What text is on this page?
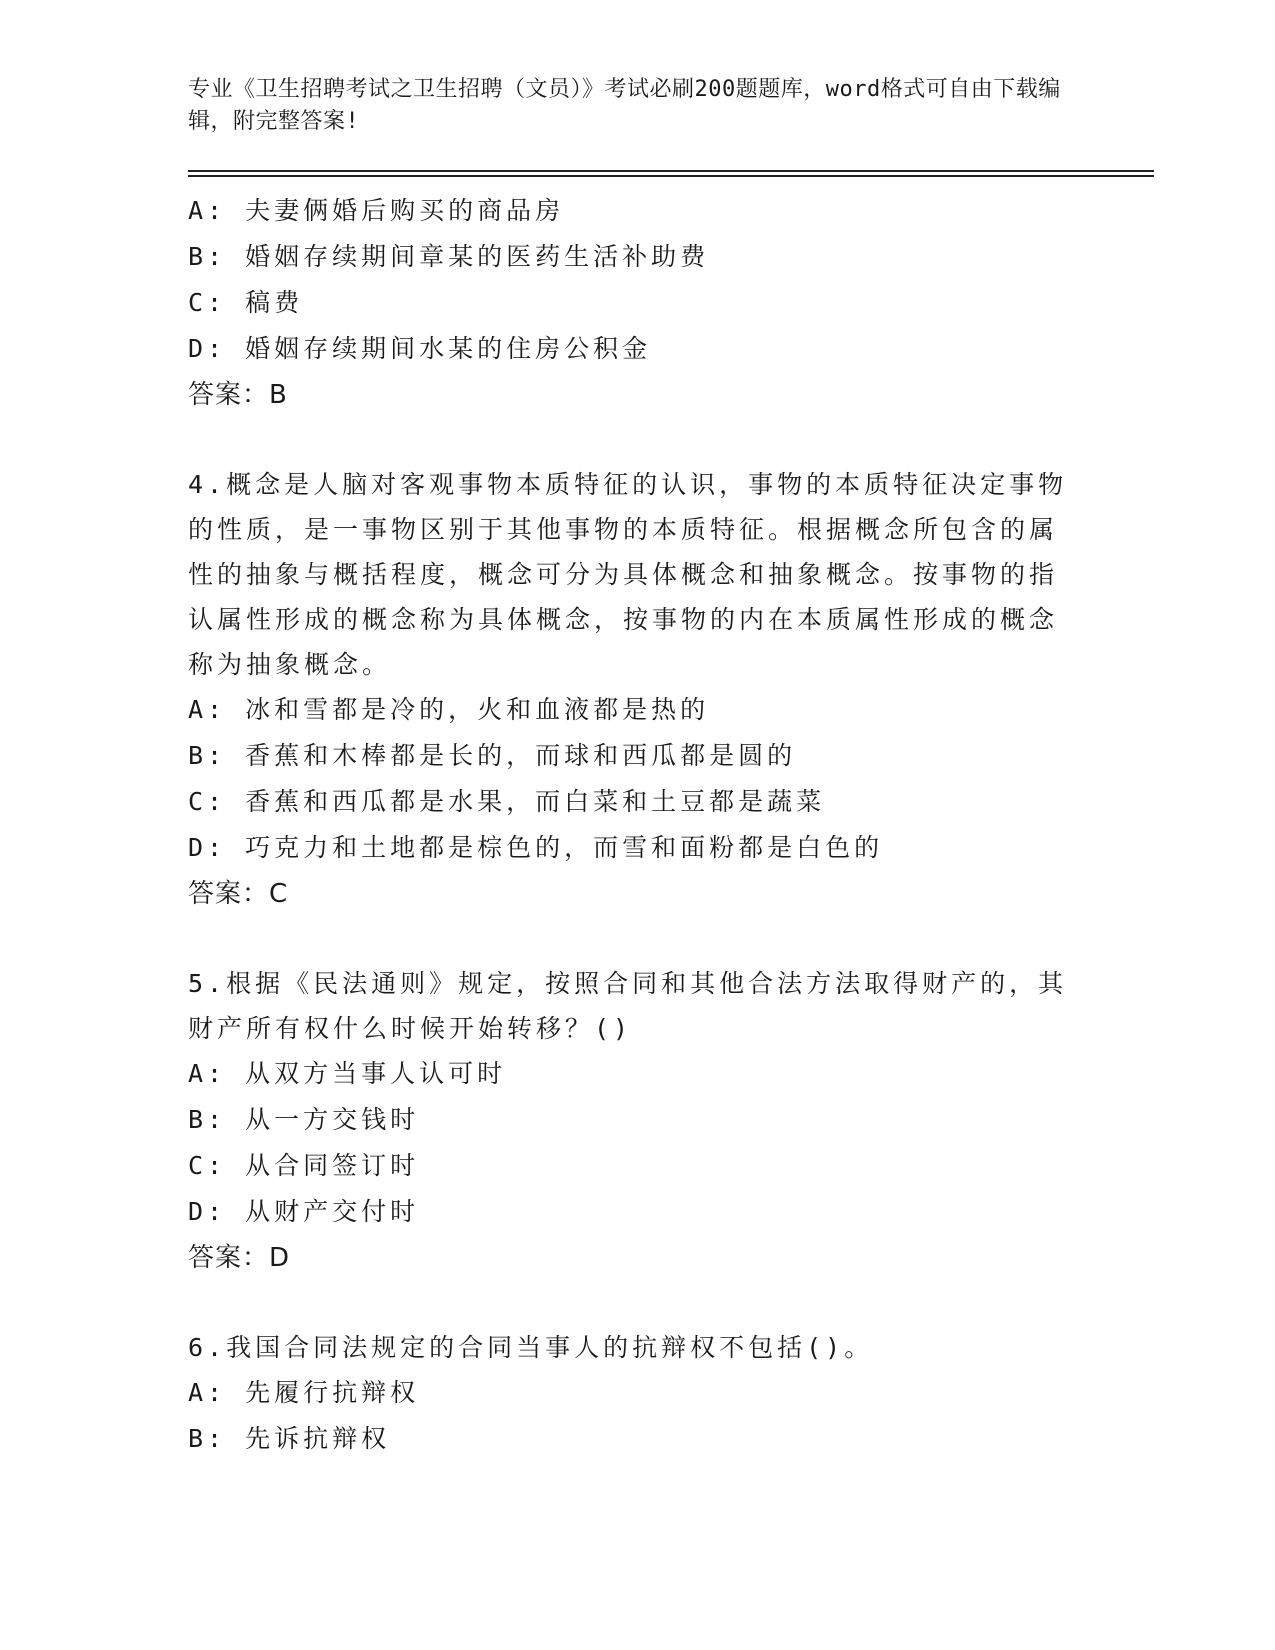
专业《卫生招聘考试之卫生招聘（文员）》考试必刷200题题库，word格式可自由下载编辑，附完整答案!
A: 夫妻俩婚后购买的商品房
B: 婚姻存续期间章某的医药生活补助费
C: 稿费
D: 婚姻存续期间水某的住房公积金
答案：B
4.概念是人脑对客观事物本质特征的认识，事物的本质特征决定事物的性质，是一事物区别于其他事物的本质特征。根据概念所包含的属性的抽象与概括程度，概念可分为具体概念和抽象概念。按事物的指认属性形成的概念称为具体概念，按事物的内在本质属性形成的概念称为抽象概念。
A: 冰和雪都是冷的，火和血液都是热的
B: 香蕉和木棒都是长的，而球和西瓜都是圆的
C: 香蕉和西瓜都是水果，而白菜和土豆都是蔬菜
D: 巧克力和土地都是棕色的，而雪和面粉都是白色的
答案：C
5.根据《民法通则》规定，按照合同和其他合法方法取得财产的，其财产所有权什么时候开始转移？()
A: 从双方当事人认可时
B: 从一方交钱时
C: 从合同签订时
D: 从财产交付时
答案：D
6.我国合同法规定的合同当事人的抗辩权不包括()。
A: 先履行抗辩权
B: 先诉抗辩权
